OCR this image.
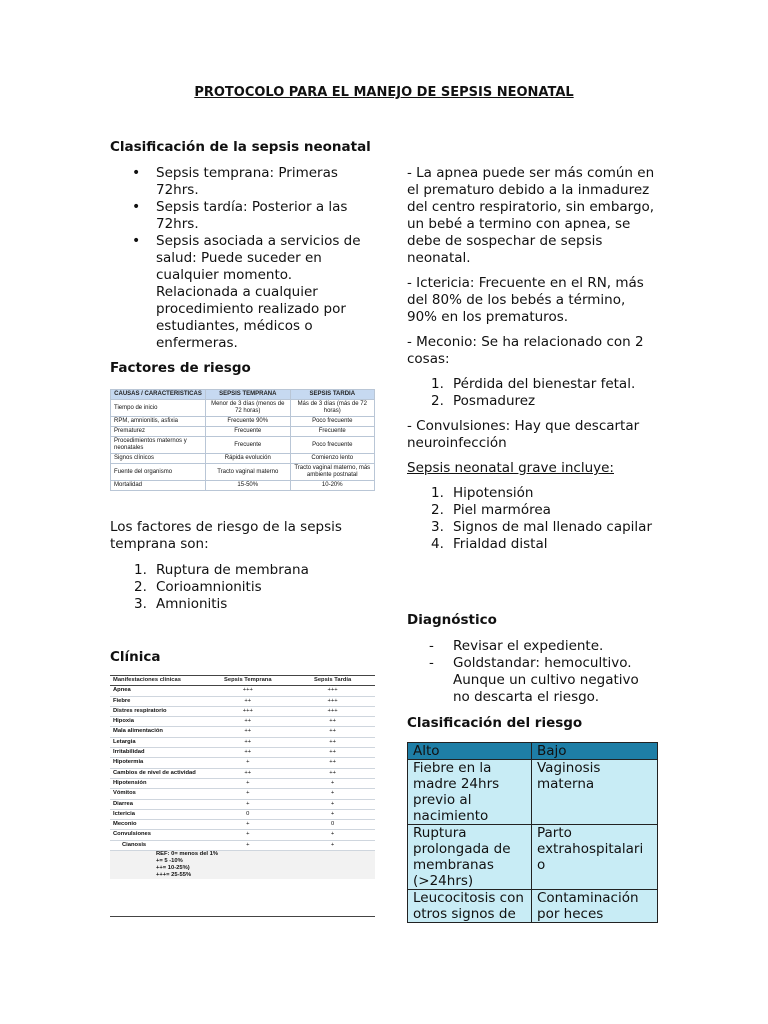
PROTOCOLO PARA EL MANEJO DE SEPSIS NEONATAL
Clasificación de la sepsis neonatal
• Sepsis temprana: Primeras 72hrs.
• Sepsis tardía: Posterior a las 72hrs.
• Sepsis asociada a servicios de salud: Puede suceder en cualquier momento. Relacionada a cualquier procedimiento realizado por estudiantes, médicos o enfermeras.
Factores de riesgo
CAUSAS / CARACTERISTICAS	SEPSIS TEMPRANA	SEPSIS TARDIA
Tiempo de inicio	Menor de 3 días (menos de 72 horas)	Más de 3 días (más de 72 horas)
RPM, amnionitis, asfixia	Frecuente 90%	Poco frecuente
Prematurez	Frecuente	Frecuente
Procedimientos maternos y neonatales	Frecuente	Poco frecuente
Signos clínicos	Rápida evolución	Comienzo lento
Fuente del organismo	Tracto vaginal materno	Tracto vaginal materno, más ambiente postnatal
Mortalidad	15-50%	10-20%
Los factores de riesgo de la sepsis temprana son:
1. Ruptura de membrana
2. Corioamnionitis
3. Amnionitis
Clínica
Manifestaciones clínicas	Sepsis Temprana	Sepsis Tardía
Apnea	+++	+++
Fiebre	++	+++
Distres respiratorio	+++	+++
Hipoxia	++	++
Mala alimentación	++	++
Letargia	++	++
Irritabilidad	++	++
Hipotermia	+	++
Cambios de nivel de actividad	++	++
Hipotensión	+	+
Vómitos	+	+
Diarrea	+	+
Ictericia	0	+
Meconio	+	0
Convulsiones	+	+
Cianosis	+	+
REF: 0= menos del 1%
+= 5 -10%
++= 10-25%)
+++= 25-55%

- La apnea puede ser más común en el prematuro debido a la inmadurez del centro respiratorio, sin embargo, un bebé a termino con apnea, se debe de sospechar de sepsis neonatal.

- Ictericia: Frecuente en el RN, más del 80% de los bebés a término, 90% en los prematuros.

- Meconio: Se ha relacionado con 2 cosas:

1. Pérdida del bienestar fetal.
2. Posmadurez

- Convulsiones: Hay que descartar neuroinfección

Sepsis neonatal grave incluye:

1. Hipotensión
2. Piel marmórea
3. Signos de mal llenado capilar
4. Frialdad distal
Diagnóstico
- Revisar el expediente.
- Goldstandar: hemocultivo. Aunque un cultivo negativo no descarta el riesgo.
Clasificación del riesgo
Alto	Bajo
Fiebre en la madre 24hrs previo al nacimiento	Vaginosis materna
Ruptura prolongada de membranas (>24hrs)	Parto extrahospitalari o
Leucocitosis con otros signos de	Contaminación por heces
